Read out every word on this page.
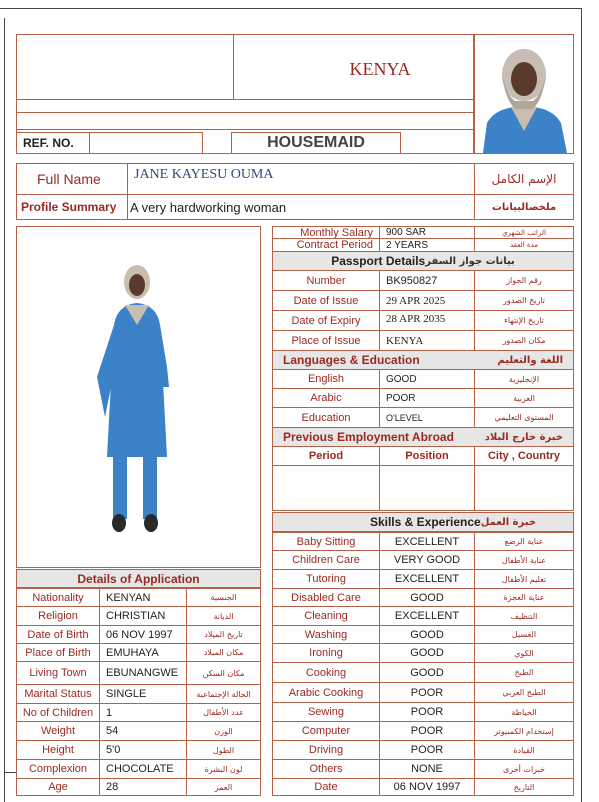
KENYA
REF. NO.	HOUSEMAID
Full Name	JANE KAYESU OUMA	الإسم الكامل
Profile Summary	A very hardworking woman	ملخصالبيانات
Monthly Salary	900 SAR	الراتب الشهري
Contract Period	2 YEARS	مدة العقد
Passport Details بيانات جواز السفر
Number	BK950827	رقم الجواز
Date of Issue	29 APR 2025	تاريخ الصدور
Date of Expiry	28 APR 2035	تاريخ الإنتهاء
Place of Issue	KENYA	مكان الصدور
Languages & Education	اللغة والتعليم
English	GOOD	الإنجليزية
Arabic	POOR	العربية
Education	O'LEVEL	المستوى التعليمي
Previous Employment Abroad	خبرة خارج البلاد
Period	Position	City , Country
Skills & Experience خبرة العمل
Baby Sitting	EXCELLENT	عناية الرضع
Children Care	VERY GOOD	عناية الأطفال
Tutoring	EXCELLENT	تعليم الأطفال
Disabled Care	GOOD	عناية العجزة
Cleaning	EXCELLENT	التنظيف
Washing	GOOD	الغسيل
Ironing	GOOD	الكوي
Cooking	GOOD	الطبخ
Arabic Cooking	POOR	الطبخ العربي
Sewing	POOR	الخياطة
Computer	POOR	إستخدام الكمبيوتر
Driving	POOR	القيادة
Others	NONE	خبرات أخرى
Date	06 NOV 1997	التاريخ
Details of Application
Nationality	KENYAN	الجنسية
Religion	CHRISTIAN	الديانة
Date of Birth	06 NOV 1997	تاريخ الميلاد
Place of Birth	EMUHAYA	مكان الميلاد
Living Town	EBUNANGWE	مكان السكن
Marital Status	SINGLE	الحالة الإجتماعية
No of Children	1	عدد الأطفال
Weight	54	الوزن
Height	5'0	الطول
Complexion	CHOCOLATE	لون البشرة
Age	28	العمر
